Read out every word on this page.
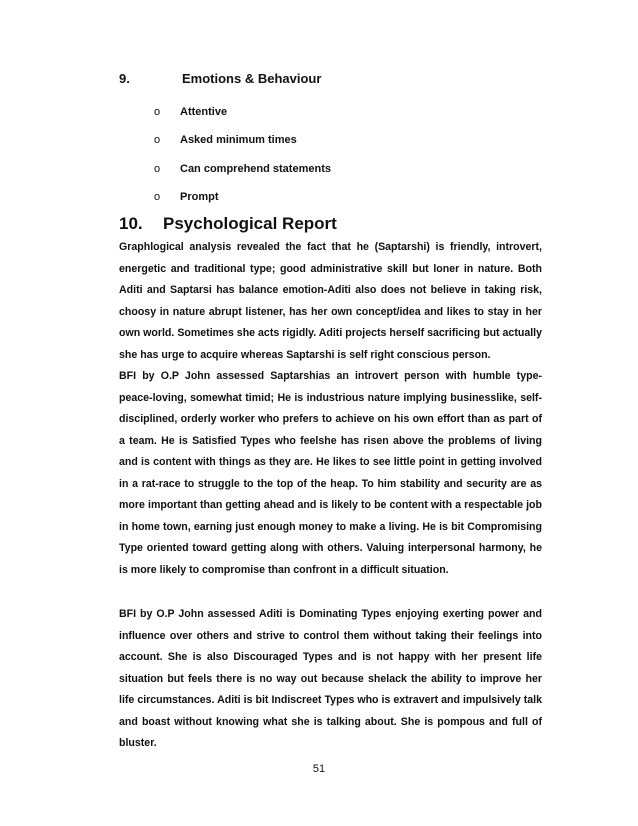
9.	Emotions & Behaviour
o Attentive
o Asked minimum times
o Can comprehend statements
o Prompt
10. Psychological Report

Graphlogical analysis revealed the fact that he (Saptarshi) is friendly, introvert, energetic and traditional type; good administrative skill but loner in nature. Both Aditi and Saptarsi has balance emotion-Aditi also does not believe in taking risk, choosy in nature abrupt listener, has her own concept/idea and likes to stay in her own world. Sometimes she acts rigidly. Aditi projects herself sacrificing but actually she has urge to acquire whereas Saptarshi is self right conscious person.

BFI by O.P John assessed Saptarshias an introvert person with humble type- peace-loving, somewhat timid; He is industrious nature implying businesslike, self-disciplined, orderly worker who prefers to achieve on his own effort than as part of a team. He is Satisfied Types who feelshe has risen above the problems of living and is content with things as they are. He likes to see little point in getting involved in a rat-race to struggle to the top of the heap. To him stability and security are as more important than getting ahead and is likely to be content with a respectable job in home town, earning just enough money to make a living. He is bit Compromising Type oriented toward getting along with others. Valuing interpersonal harmony, he is more likely to compromise than confront in a difficult situation.

BFI by O.P John assessed Aditi is Dominating Types enjoying exerting power and influence over others and strive to control them without taking their feelings into account. She is also Discouraged Types and is not happy with her present life situation but feels there is no way out because shelack the ability to improve her life circumstances. Aditi is bit Indiscreet Types who is extravert and impulsively talk and boast without knowing what she is talking about. She is pompous and full of bluster.

51
